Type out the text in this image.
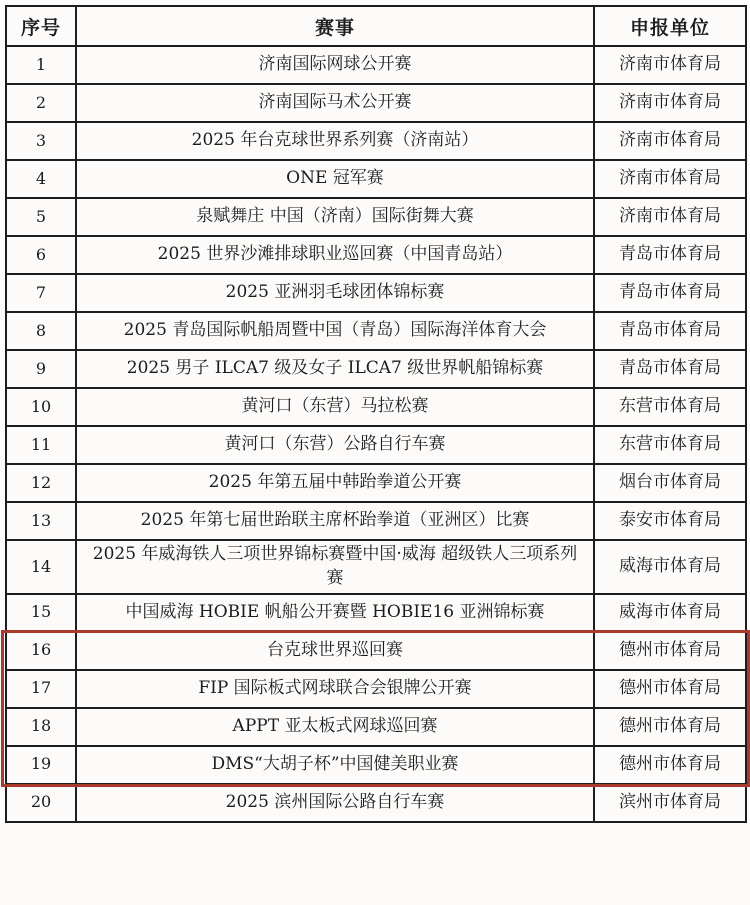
序号	赛事	申报单位
1	济南国际网球公开赛	济南市体育局
2	济南国际马术公开赛	济南市体育局
3	2025 年台克球世界系列赛（济南站）	济南市体育局
4	ONE 冠军赛	济南市体育局
5	泉赋舞庄 中国（济南）国际街舞大赛	济南市体育局
6	2025 世界沙滩排球职业巡回赛（中国青岛站）	青岛市体育局
7	2025 亚洲羽毛球团体锦标赛	青岛市体育局
8	2025 青岛国际帆船周暨中国（青岛）国际海洋体育大会	青岛市体育局
9	2025 男子 ILCA7 级及女子 ILCA7 级世界帆船锦标赛	青岛市体育局
10	黄河口（东营）马拉松赛	东营市体育局
11	黄河口（东营）公路自行车赛	东营市体育局
12	2025 年第五届中韩跆拳道公开赛	烟台市体育局
13	2025 年第七届世跆联主席杯跆拳道（亚洲区）比赛	泰安市体育局
14	2025 年威海铁人三项世界锦标赛暨中国·威海 超级铁人三项系列赛	威海市体育局
15	中国威海 HOBIE 帆船公开赛暨 HOBIE16 亚洲锦标赛	威海市体育局
16	台克球世界巡回赛	德州市体育局
17	FIP 国际板式网球联合会银牌公开赛	德州市体育局
18	APPT 亚太板式网球巡回赛	德州市体育局
19	DMS“大胡子杯”中国健美职业赛	德州市体育局
20	2025 滨州国际公路自行车赛	滨州市体育局
